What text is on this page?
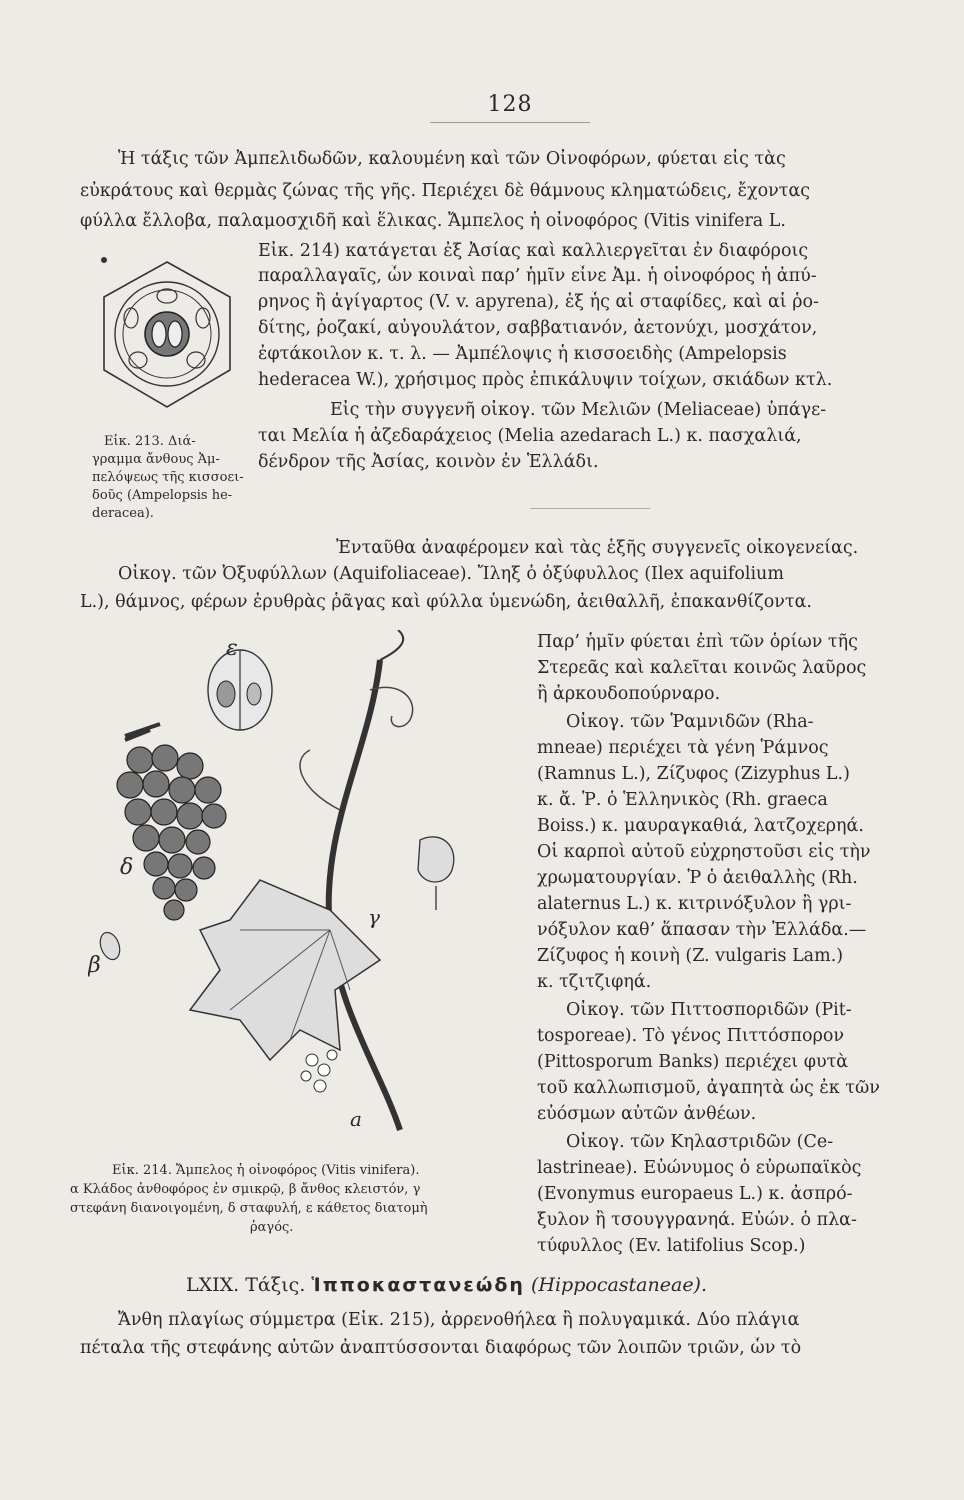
128
Ἡ τάξις τῶν Ἀμπελιδωδῶν, καλουμένη καὶ τῶν Οἰνοφόρων, φύεται εἰς τὰς
εὐκράτους καὶ θερμὰς ζώνας τῆς γῆς. Περιέχει δὲ θάμνους κληματώδεις, ἔχοντας
φύλλα ἔλλοβα, παλαμοσχιδῆ καὶ ἕλικας. Ἄμπελος ἡ οἰνοφόρος (Vitis vinifera L.
Εἰκ. 214) κατάγεται ἐξ Ἀσίας καὶ καλλιεργεῖται ἐν διαφόροις
παραλλαγαῖς, ὧν κοιναὶ παρ’ ἡμῖν εἶνε Ἀμ. ἡ οἰνοφόρος ἡ ἀπύ-
ρηνος ἢ ἀγίγαρτος (V. v. apyrena), ἐξ ἧς αἱ σταφίδες, καὶ αἱ ῥο-
δίτης, ῥοζακί, αὐγουλάτον, σαββατιανόν, ἀετονύχι, μοσχάτον,
ἐφτάκοιλον κ. τ. λ. — Ἀμπέλοψις ἡ κισσοειδὴς (Ampelopsis
hederacea W.), χρήσιμος πρὸς ἐπικάλυψιν τοίχων, σκιάδων κτλ.
Εἰς τὴν συγγενῆ οἰκογ. τῶν Μελιῶν (Meliaceae) ὑπάγε-
ται Μελία ἡ ἀζεδαράχειος (Melia azedarach L.) κ. πασχαλιά,
δένδρον τῆς Ἀσίας, κοινὸν ἐν Ἑλλάδι.
Εἰκ. 213. Διά-
γραμμα ἄνθους Ἀμ-
πελόψεως τῆς κισσοει-
δοῦς (Ampelopsis he-
deracea).
Ἐνταῦθα ἀναφέρομεν καὶ τὰς ἑξῆς συγγενεῖς οἰκογενείας.
Οἰκογ. τῶν Ὀξυφύλλων (Aquifoliaceae). Ἴληξ ὁ ὀξύφυλλος (Ilex aquifolium
L.), θάμνος, φέρων ἐρυθρὰς ῥᾶγας καὶ φύλλα ὑμενώδη, ἀειθαλλῆ, ἐπακανθίζοντα.
ε
δ
γ
β
a
Παρ’ ἡμῖν φύεται ἐπὶ τῶν ὁρίων τῆς
Στερεᾶς καὶ καλεῖται κοινῶς λαῦρος
ἢ ἀρκουδοπούρναρο.
Οἰκογ. τῶν Ῥαμνιδῶν (Rha-
mneae) περιέχει τὰ γένη Ῥάμνος
(Ramnus L.), Ζίζυφος (Zizyphus L.)
κ. ἄ. Ῥ. ὁ Ἑλληνικὸς (Rh. graeca
Boiss.) κ. μαυραγκαθιά, λατζοχερηά.
Οἱ καρποὶ αὐτοῦ εὐχρηστοῦσι εἰς τὴν
χρωματουργίαν. Ῥ ὁ ἀειθαλλὴς (Rh.
alaternus L.) κ. κιτρινόξυλον ἢ γρι-
νόξυλον καθ’ ἅπασαν τὴν Ἑλλάδα.—
Ζίζυφος ἡ κοινὴ (Z. vulgaris Lam.)
κ. τζιτζιφηά.
Οἰκογ. τῶν Πιττοσποριδῶν (Pit-
tosporeae). Τὸ γένος Πιττόσπορον
(Pittosporum Banks) περιέχει φυτὰ
τοῦ καλλωπισμοῦ, ἀγαπητὰ ὡς ἐκ τῶν
εὐόσμων αὐτῶν ἀνθέων.
Οἰκογ. τῶν Κηλαστριδῶν (Ce-
lastrineae). Εὐώνυμος ὁ εὐρωπαϊκὸς
(Evonymus europaeus L.) κ. ἀσπρό-
ξυλον ἢ τσουγγρανηά. Εὐών. ὁ πλα-
τύφυλλος (Ev. latifolius Scop.)
Εἰκ. 214. Ἄμπελος ἡ οἰνοφόρος (Vitis vinifera).
α Κλάδος ἀνθοφόρος ἐν σμικρῷ, β ἄνθος κλειστόν, γ
στεφάνη διανοιγομένη, δ σταφυλή, ε κάθετος διατομὴ
ῥαγός.
LXIX. Τάξις. Ἱπποκαστανεώδη (Hippocastaneae).
Ἄνθη πλαγίως σύμμετρα (Εἰκ. 215), ἀρρενοθήλεα ἢ πολυγαμικά. Δύο πλάγια
πέταλα τῆς στεφάνης αὐτῶν ἀναπτύσσονται διαφόρως τῶν λοιπῶν τριῶν, ὧν τὸ
